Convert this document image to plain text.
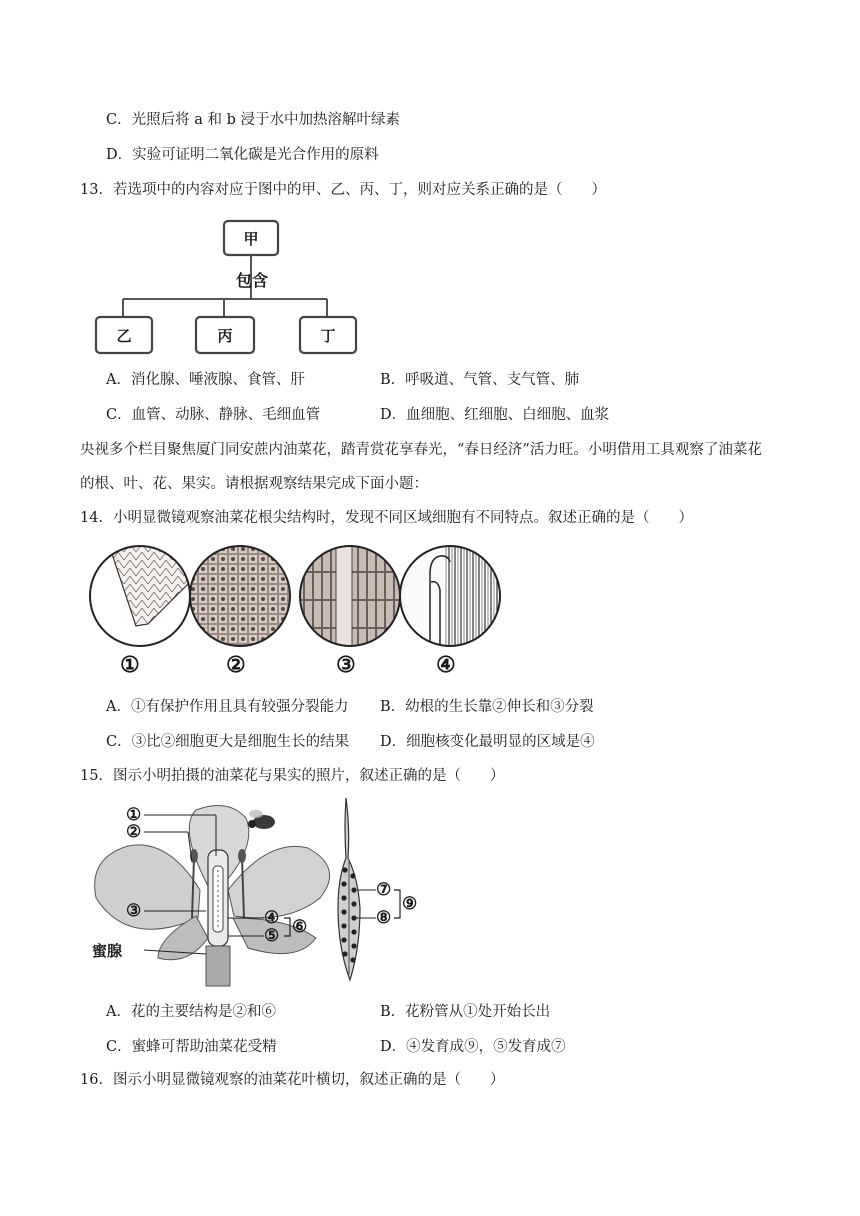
C．光照后将 a 和 b 浸于水中加热溶解叶绿素
D．实验可证明二氧化碳是光合作用的原料
13．若选项中的内容对应于图中的甲、乙、丙、丁，则对应关系正确的是（　　）
甲
包含
乙	丙	丁
A．消化腺、唾液腺、食管、肝	B．呼吸道、气管、支气管、肺
C．血管、动脉、静脉、毛细血管	D．血细胞、红细胞、白细胞、血浆
央视多个栏目聚焦厦门同安蔗内油菜花，踏青赏花享春光，“春日经济”活力旺。小明借用工具观察了油菜花
的根、叶、花、果实。请根据观察结果完成下面小题：
14．小明显微镜观察油菜花根尖结构时，发现不同区域细胞有不同特点。叙述正确的是（　　）
①	②	③	④
A．①有保护作用且具有较强分裂能力 B．幼根的生长靠②伸长和③分裂
C．③比②细胞更大是细胞生长的结果 D．细胞核变化最明显的区域是④
15．图示小明拍摄的油菜花与果实的照片，叙述正确的是（　　）
①
②
③	④
⑤ ⑥
蜜腺
⑦
⑧
⑨
A．花的主要结构是②和⑥	B．花粉管从①处开始长出
C．蜜蜂可帮助油菜花受精	D．④发育成⑨，⑤发育成⑦
16．图示小明显微镜观察的油菜花叶横切，叙述正确的是（　　）
